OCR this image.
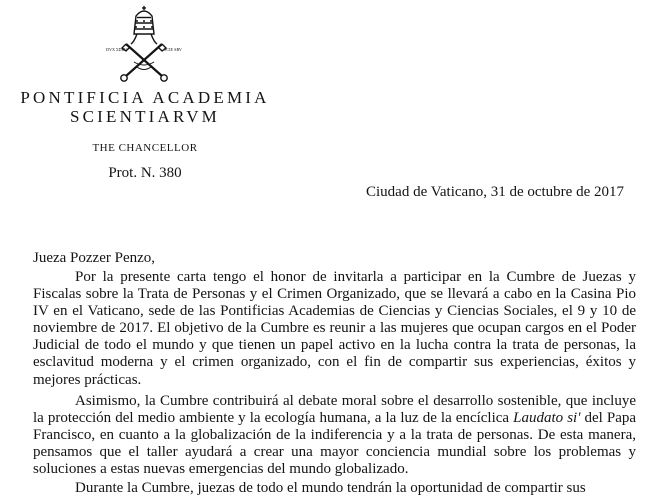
DVX ΣDRV	SCIE SRV
PONTIFICIA ACADEMIA
SCIENTIARVM
THE CHANCELLOR
Prot. N. 380
Ciudad de Vaticano, 31 de octubre de 2017
Jueza Pozzer Penzo,

Por la presente carta tengo el honor de invitarla a participar en la Cumbre de Juezas y Fiscalas sobre la Trata de Personas y el Crimen Organizado, que se llevará a cabo en la Casina Pio IV en el Vaticano, sede de las Pontificias Academias de Ciencias y Ciencias Sociales, el 9 y 10 de noviembre de 2017. El objetivo de la Cumbre es reunir a las mujeres que ocupan cargos en el Poder Judicial de todo el mundo y que tienen un papel activo en la lucha contra la trata de personas, la esclavitud moderna y el crimen organizado, con el fin de compartir sus experiencias, éxitos y mejores prácticas.

Asimismo, la Cumbre contribuirá al debate moral sobre el desarrollo sostenible, que incluye la protección del medio ambiente y la ecología humana, a la luz de la encíclica Laudato si' del Papa Francisco, en cuanto a la globalización de la indiferencia y a la trata de personas. De esta manera, pensamos que el taller ayudará a crear una mayor conciencia mundial sobre los problemas y soluciones a estas nuevas emergencias del mundo globalizado.

Durante la Cumbre, juezas de todo el mundo tendrán la oportunidad de compartir sus
